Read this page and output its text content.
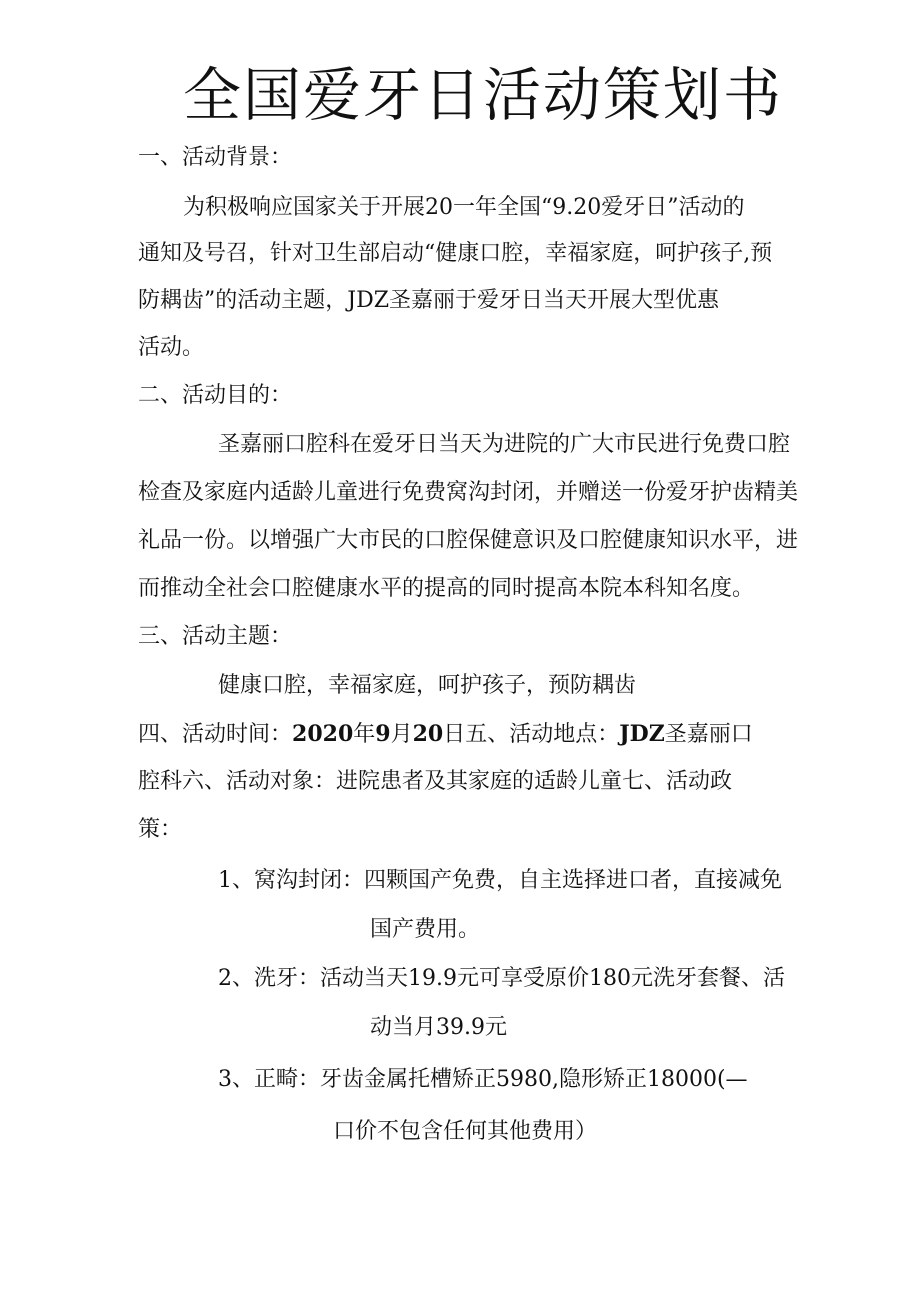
全国爱牙日活动策划书
一、活动背景：
为积极响应国家关于开展20一年全国“9.20爱牙日”活动的
通知及号召，针对卫生部启动“健康口腔，幸福家庭，呵护孩子,预
防耦齿”的活动主题，JDZ圣嘉丽于爱牙日当天开展大型优惠
活动。
二、活动目的：
圣嘉丽口腔科在爱牙日当天为进院的广大市民进行免费口腔
检查及家庭内适龄儿童进行免费窝沟封闭，并赠送一份爱牙护齿精美
礼品一份。以增强广大市民的口腔保健意识及口腔健康知识水平，进
而推动全社会口腔健康水平的提高的同时提高本院本科知名度。
三、活动主题：
健康口腔，幸福家庭，呵护孩子，预防耦齿
四、活动时间：2020年9月20日五、活动地点：JDZ圣嘉丽口
腔科六、活动对象：进院患者及其家庭的适龄儿童七、活动政
策：
1、窝沟封闭：四颗国产免费，自主选择进口者，直接减免
国产费用。
2、洗牙：活动当天19.9元可享受原价180元洗牙套餐、活
动当月39.9元
3、正畸：牙齿金属托槽矫正5980,隐形矫正18000(—
口价不包含任何其他费用）
